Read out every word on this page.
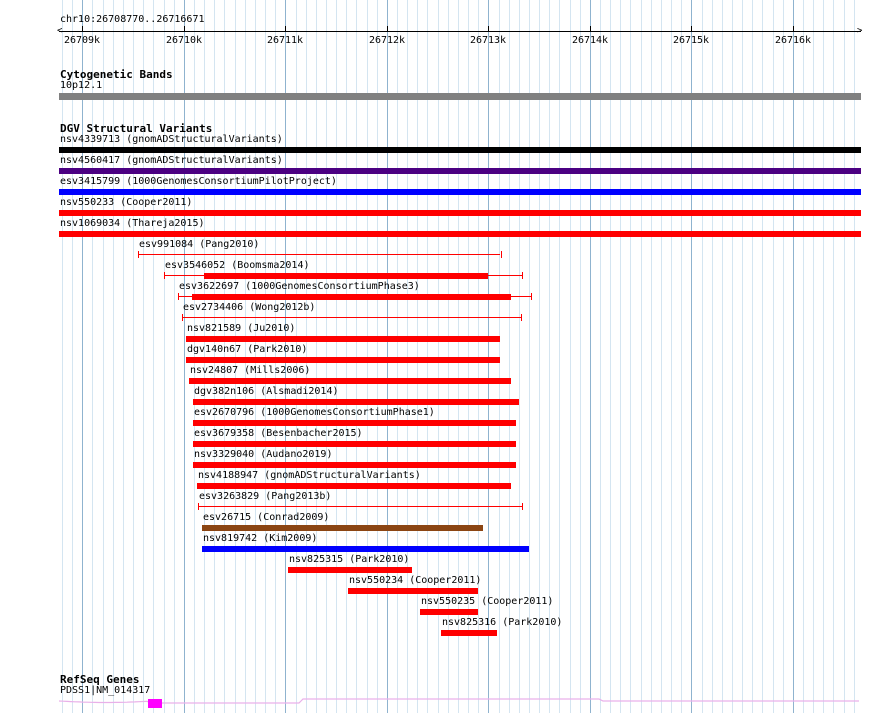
chr10:26708770..26716671
<	>
26709k	26710k	26711k	26712k	26713k	26714k	26715k	26716k
Cytogenetic Bands
10p12.1
DGV Structural Variants
nsv4339713 (gnomADStructuralVariants)
nsv4560417 (gnomADStructuralVariants)
esv3415799 (1000GenomesConsortiumPilotProject)
nsv550233 (Cooper2011)
nsv1069034 (Thareja2015)
esv991084 (Pang2010)
esv3546052 (Boomsma2014)
esv3622697 (1000GenomesConsortiumPhase3)
esv2734406 (Wong2012b)
nsv821589 (Ju2010)
dgv140n67 (Park2010)
nsv24807 (Mills2006)
dgv382n106 (Alsmadi2014)
esv2670796 (1000GenomesConsortiumPhase1)
esv3679358 (Besenbacher2015)
nsv3329040 (Audano2019)
nsv4188947 (gnomADStructuralVariants)
esv3263829 (Pang2013b)
esv26715 (Conrad2009)
nsv819742 (Kim2009)
nsv825315 (Park2010)
nsv550234 (Cooper2011)
nsv550235 (Cooper2011)
nsv825316 (Park2010)
RefSeq Genes
PDSS1|NM_014317
